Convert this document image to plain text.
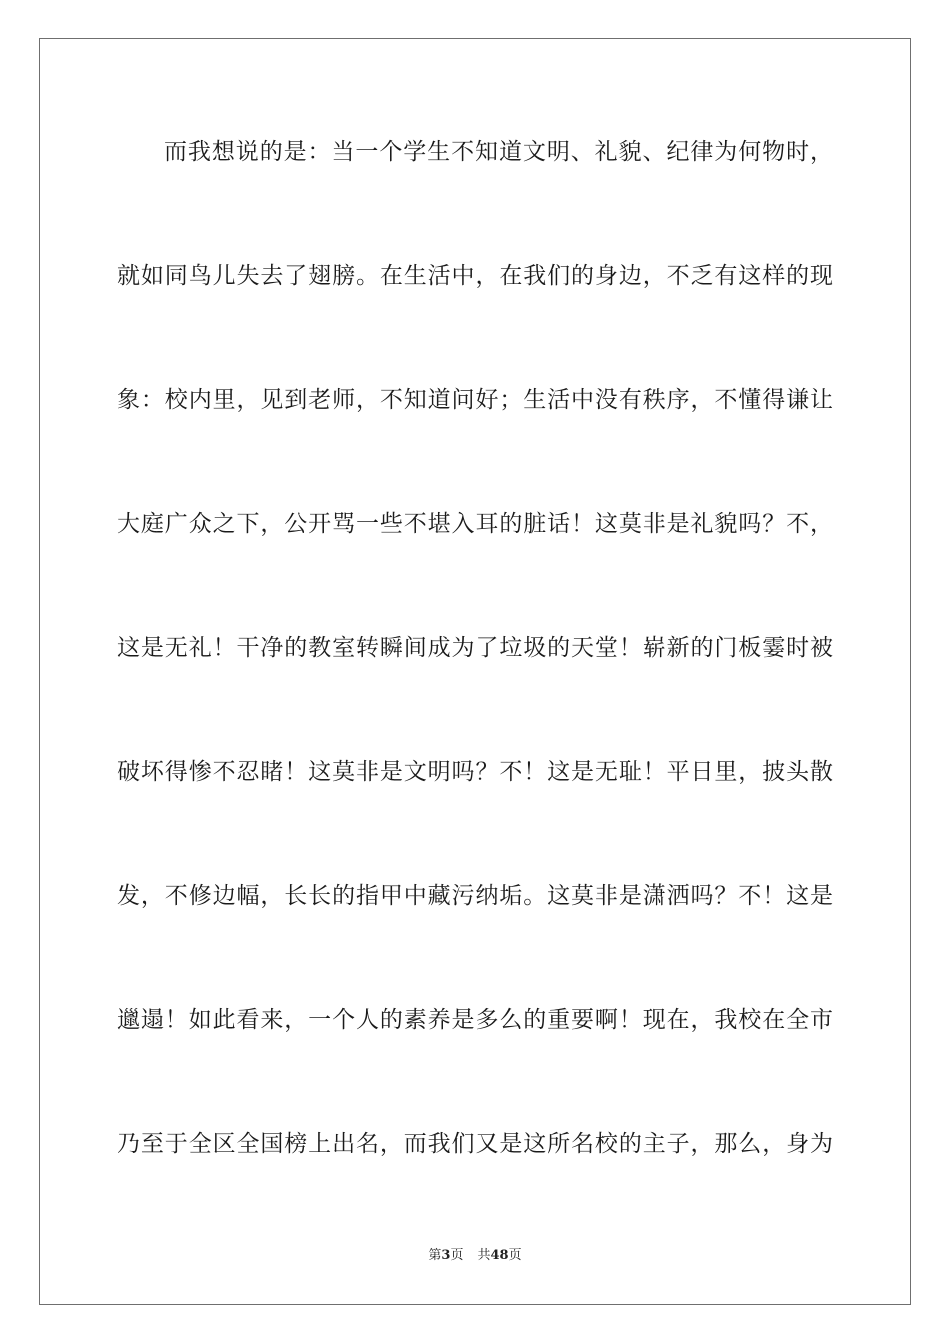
而我想说的是：当一个学生不知道文明、礼貌、纪律为何物时，
就如同鸟儿失去了翅膀。在生活中，在我们的身边，不乏有这样的现
象：校内里，见到老师，不知道问好；生活中没有秩序，不懂得谦让
大庭广众之下，公开骂一些不堪入耳的脏话！这莫非是礼貌吗？不，
这是无礼！干净的教室转瞬间成为了垃圾的天堂！崭新的门板霎时被
破坏得惨不忍睹！这莫非是文明吗？不！这是无耻！平日里，披头散
发，不修边幅，长长的指甲中藏污纳垢。这莫非是潇洒吗？不！这是
邋遢！如此看来，一个人的素养是多么的重要啊！现在，我校在全市
乃至于全区全国榜上出名，而我们又是这所名校的主子，那么，身为
第3页 共48页
